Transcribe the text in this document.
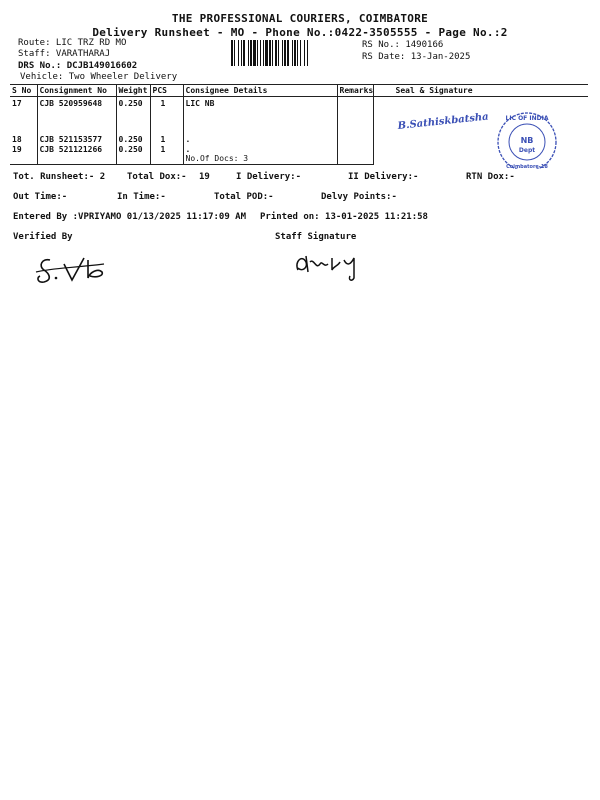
THE PROFESSIONAL COURIERS, COIMBATORE
Delivery Runsheet - MO - Phone No.:0422-3505555 - Page No.:2
Route: LIC TRZ RD MO
Staff: VARATHARAJ
DRS No.: DCJB149016602
Vehicle: Two Wheeler Delivery
RS No.: 1490166
RS Date: 13-Jan-2025
S No	Consignment No	Weight	PCS	Consignee Details	Remarks	Seal & Signature
17	CJB 520959648	0.250	1	LIC NB		B.Sathiskbatsha LIC OF INDIA
NB
Dept
Coimbatore-18

18	CJB 521153577	0.250	1	.		
19	CJB 521121266	0.250	1	.
No.Of Docs: 3		

Tot. Runsheet:- 2 Total Dox:- 19	I Delivery:-	II Delivery:-	RTN Dox:-
Out Time:-	In Time:-	Total POD:-	Delvy Points:-
Entered By :VPRIYAMO 01/13/2025 11:17:09 AM Printed on: 13-01-2025 11:21:58
Verified By	Staff Signature
